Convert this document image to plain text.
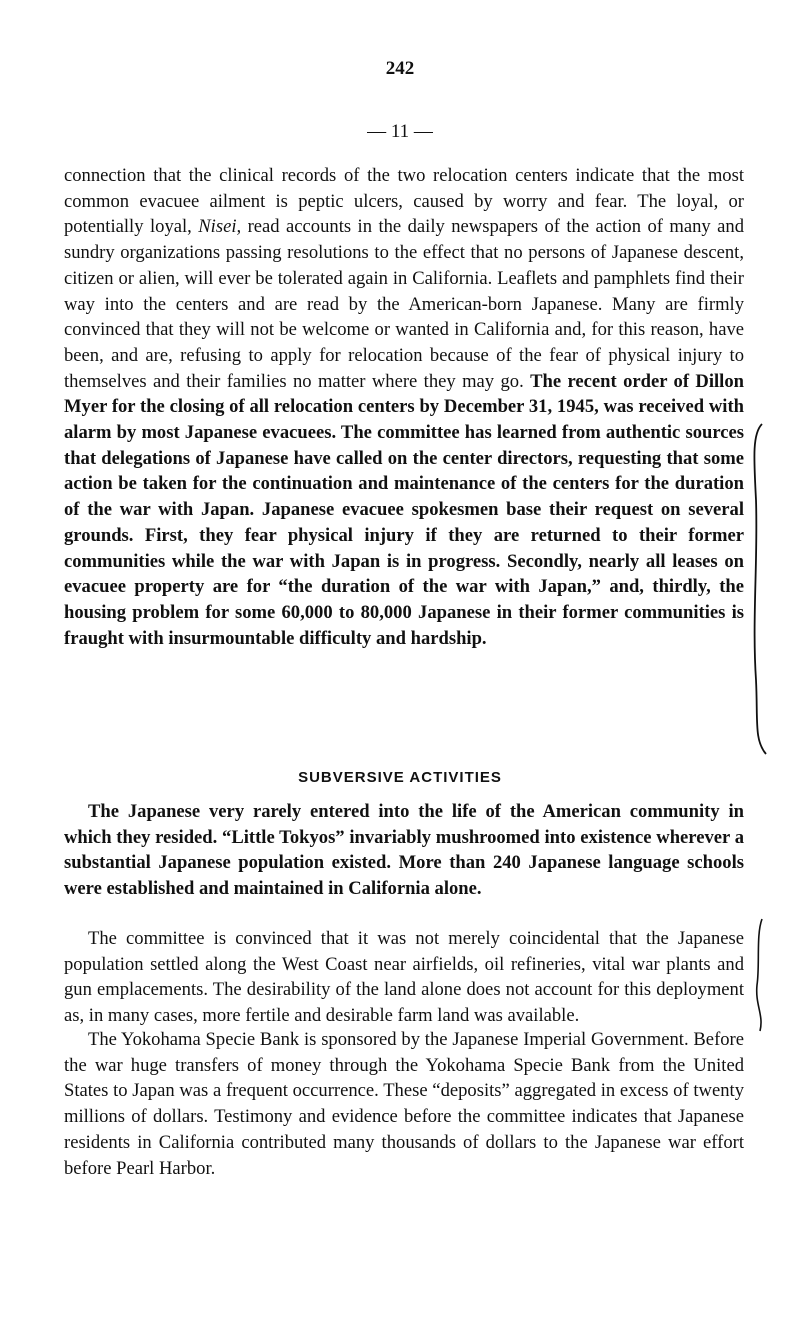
242
— 11 —

connection that the clinical records of the two relocation centers indicate that the most common evacuee ailment is peptic ulcers, caused by worry and fear. The loyal, or potentially loyal, Nisei, read accounts in the daily newspapers of the action of many and sundry organizations passing resolutions to the effect that no persons of Japanese descent, citizen or alien, will ever be tolerated again in California. Leaflets and pamphlets find their way into the centers and are read by the American-born Japanese. Many are firmly convinced that they will not be welcome or wanted in California and, for this reason, have been, and are, refusing to apply for relocation because of the fear of physical injury to themselves and their families no matter where they may go. The recent order of Dillon Myer for the closing of all relocation centers by December 31, 1945, was received with alarm by most Japanese evacuees. The committee has learned from authentic sources that delegations of Japanese have called on the center directors, requesting that some action be taken for the continuation and maintenance of the centers for the duration of the war with Japan. Japanese evacuee spokesmen base their request on several grounds. First, they fear physical injury if they are returned to their former communities while the war with Japan is in progress. Secondly, nearly all leases on evacuee property are for “the duration of the war with Japan,” and, thirdly, the housing problem for some 60,000 to 80,000 Japanese in their former communities is fraught with insurmountable difficulty and hardship.

SUBVERSIVE ACTIVITIES

The Japanese very rarely entered into the life of the American community in which they resided. “Little Tokyos” invariably mushroomed into existence wherever a substantial Japanese population existed. More than 240 Japanese language schools were established and maintained in California alone.

The committee is convinced that it was not merely coincidental that the Japanese population settled along the West Coast near airfields, oil refineries, vital war plants and gun emplacements. The desirability of the land alone does not account for this deployment as, in many cases, more fertile and desirable farm land was available.

The Yokohama Specie Bank is sponsored by the Japanese Imperial Government. Before the war huge transfers of money through the Yokohama Specie Bank from the United States to Japan was a frequent occurrence. These “deposits” aggregated in excess of twenty millions of dollars. Testimony and evidence before the committee indicates that Japanese residents in California contributed many thousands of dollars to the Japanese war effort before Pearl Harbor.
